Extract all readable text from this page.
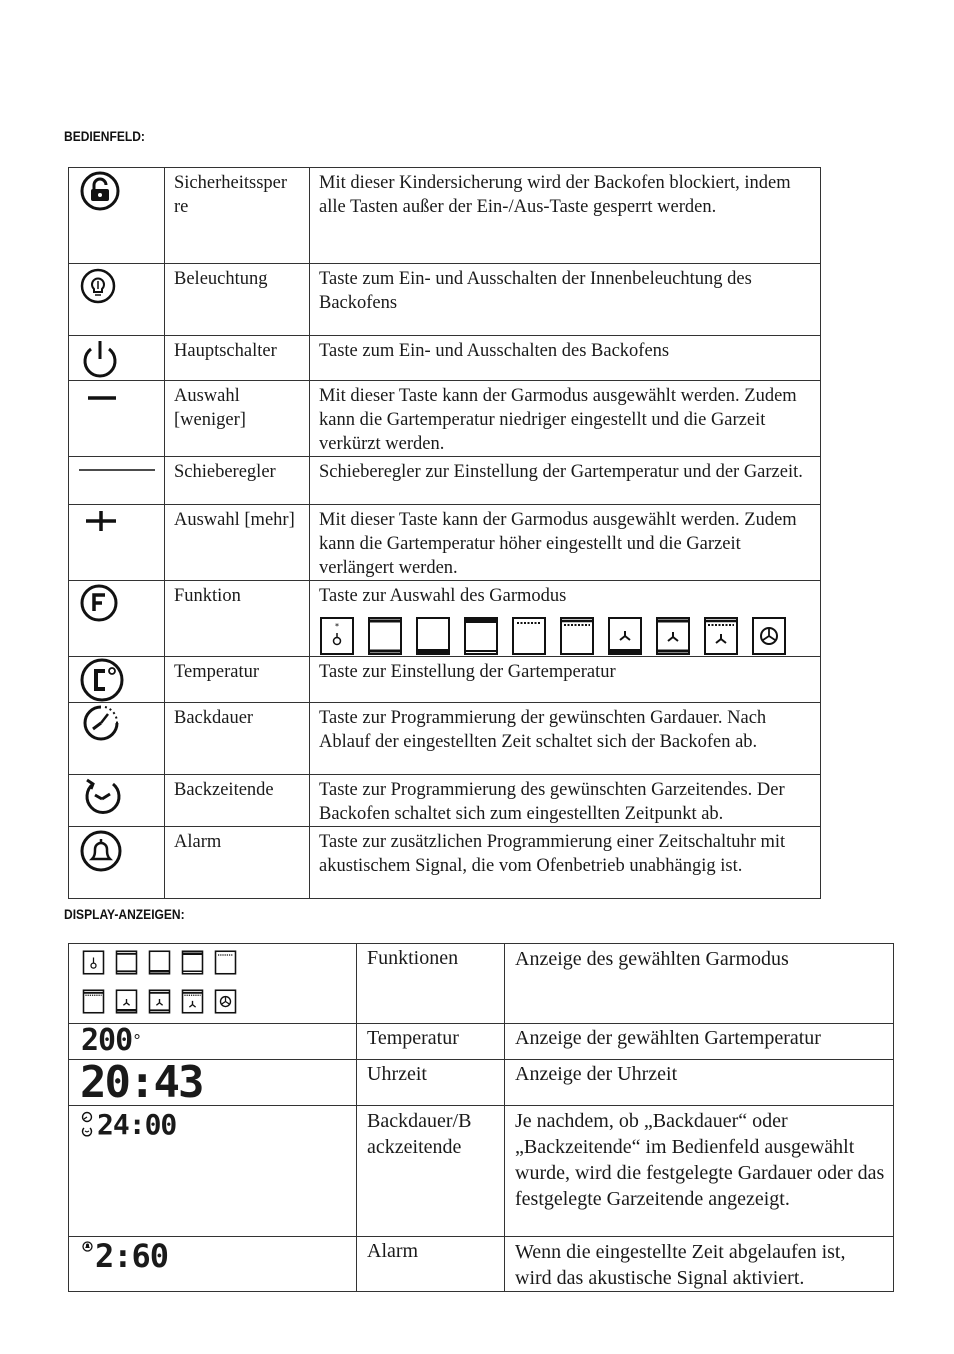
BEDIENFELD:
	Sicherheitssper re	Mit dieser Kindersicherung wird der Backofen blockiert, indem alle Tasten außer der Ein-/Aus-Taste gesperrt werden.

	Beleuchtung	Taste zum Ein- und Ausschalten der Innenbeleuchtung des Backofens

	Hauptschalter	Taste zum Ein- und Ausschalten des Backofens

	Auswahl [weniger]	Mit dieser Taste kann der Garmodus ausgewählt werden. Zudem kann die Gartemperatur niedriger eingestellt und die Garzeit verkürzt werden.

	Schieberegler	Schieberegler zur Einstellung der Gartemperatur und der Garzeit.

	Auswahl [mehr]	Mit dieser Taste kann der Garmodus ausgewählt werden. Zudem kann die Gartemperatur höher eingestellt und die Garzeit verlängert werden.

	Funktion	Taste zur Auswahl des Garmodus
*

	Temperatur	Taste zur Einstellung der Gartemperatur

	Backdauer	Taste zur Programmierung der gewünschten Gardauer. Nach Ablauf der eingestellten Zeit schaltet sich der Backofen ab.

	Backzeitende	Taste zur Programmierung des gewünschten Garzeitendes. Der Backofen schaltet sich zum eingestellten Zeitpunkt ab.

	Alarm	Taste zur zusätzlichen Programmierung einer Zeitschaltuhr mit akustischem Signal, die vom Ofenbetrieb unabhängig ist.
DISPLAY-ANZEIGEN:
	Funktionen	Anzeige des gewählten Garmodus

200°	Temperatur	Anzeige der gewählten Gartemperatur

20:43	Uhrzeit	Anzeige der Uhrzeit

24:00	Backdauer/B ackzeitende	Je nachdem, ob „Backdauer“ oder „Backzeitende“ im Bedienfeld ausgewählt wurde, wird die festgelegte Gardauer oder das festgelegte Garzeitende angezeigt.

2:60	Alarm	Wenn die eingestellte Zeit abgelaufen ist, wird das akustische Signal aktiviert.
